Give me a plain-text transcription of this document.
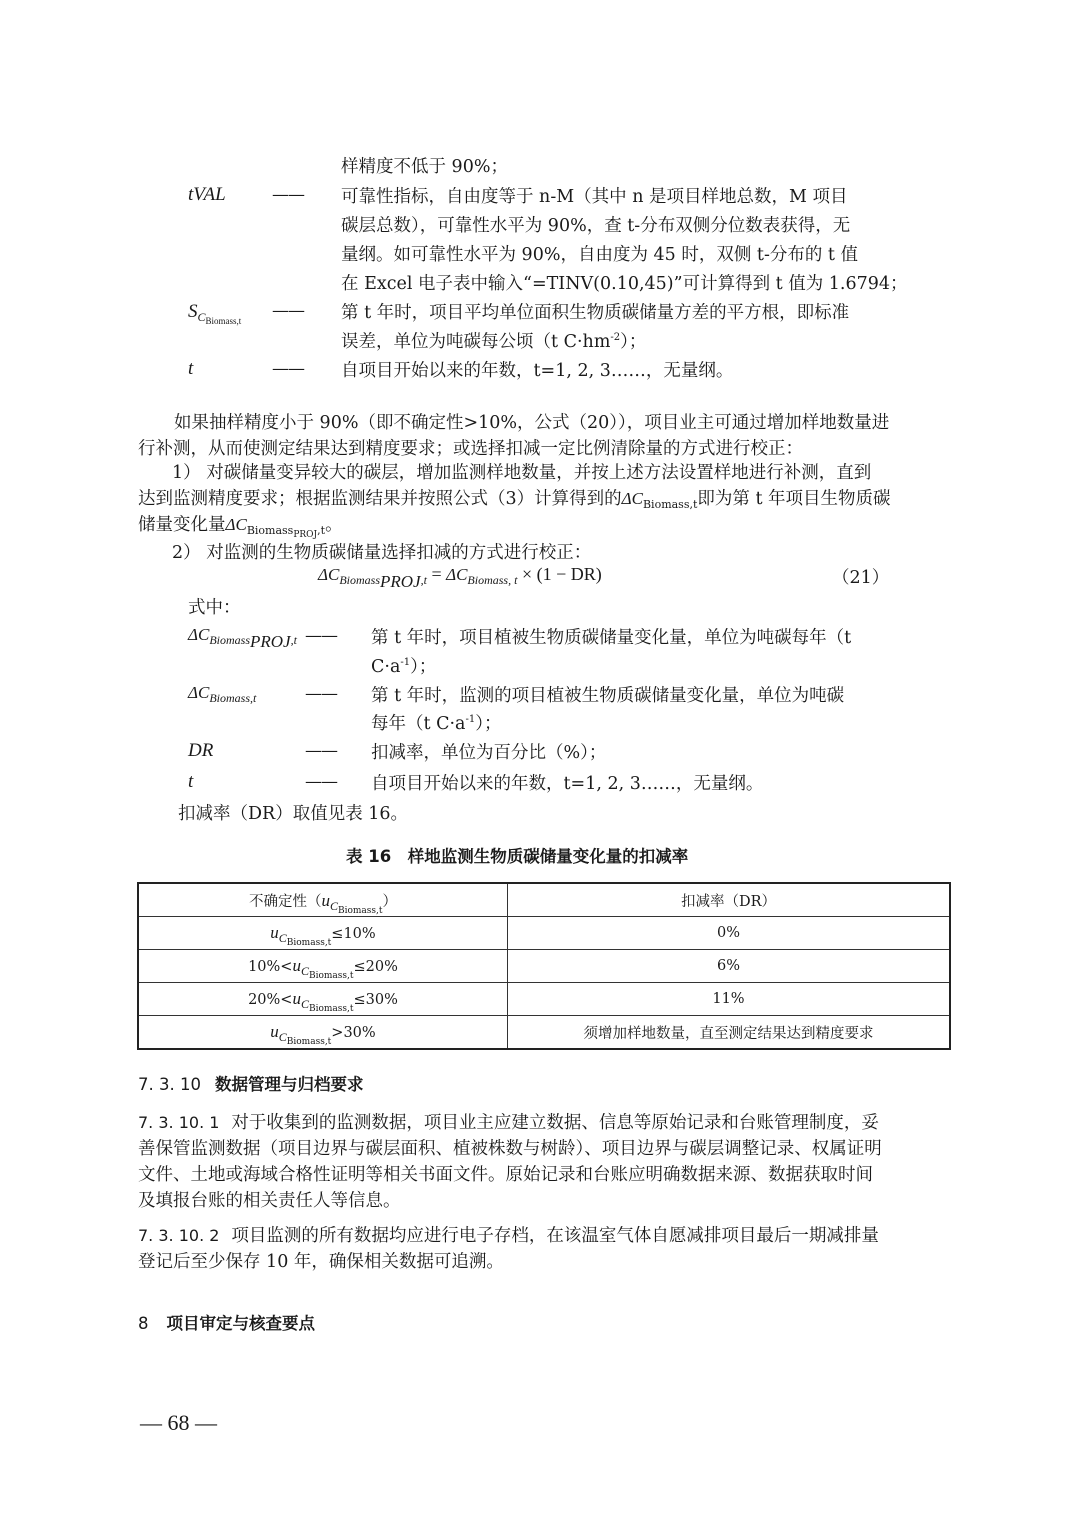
样精度不低于 90%；
tVAL	—— 可靠性指标，自由度等于 n-M（其中 n 是项目样地总数，M 项目
碳层总数），可靠性水平为 90%，查 t-分布双侧分位数表获得，无
量纲。如可靠性水平为 90%，自由度为 45 时，双侧 t-分布的 t 值
在 Excel 电子表中输入“=TINV(0.10,45)”可计算得到 t 值为 1.6794；
$S_{C_{Biomass,t}}$ —— 第 t 年时，项目平均单位面积生物质碳储量方差的平方根，即标准
误差，单位为吨碳每公顷（t $C\cdot hm^{-2}$）；
t	—— 自项目开始以来的年数，t=1, 2, 3……，无量纲。
如果抽样精度小于 90%（即不确定性>10%，公式（20）），项目业主可通过增加样地数量进
行补测，从而使测定结果达到精度要求；或选择扣减一定比例清除量的方式进行校正：
1） 对碳储量变异较大的碳层，增加监测样地数量，并按上述方法设置样地进行补测，直到
达到监测精度要求；根据监测结果并按照公式（3）计算得到的$\Delta C_{Biomass,t}$即为第 t 年项目生物质碳
储量变化量$\Delta C_{Biomass_{PROJ},t}$。
2） 对监测的生物质碳储量选择扣减的方式进行校正：
$\Delta C_{Biomass_{PROJ},t} = \Delta C_{Biomass, t} \times (1 - DR)$	（21）
式中：
$\Delta C_{Biomass_{PROJ},t}$ —— 第 t 年时，项目植被生物质碳储量变化量，单位为吨碳每年（t
$C\cdot a^{-1}$）；
$\Delta C_{Biomass,t}$	—— 第 t 年时，监测的项目植被生物质碳储量变化量，单位为吨碳
每年（t $C\cdot a^{-1}$）；
DR	—— 扣减率，单位为百分比（%）；
t	—— 自项目开始以来的年数，t=1, 2, 3……，无量纲。
扣减率（DR）取值见表 16。
表 16　样地监测生物质碳储量变化量的扣减率
不确定性$(u_{C_{Biomass,t}})$	扣减率（DR）
$u_{C_{Biomass,t}}\le 10\%$	0%
$10\%<u_{C_{Biomass,t}}\le 20\%$	6%
$20\%<u_{C_{Biomass,t}}\le 30\%$	11%
$u_{C_{Biomass,t}}>30\%$	须增加样地数量，直至测定结果达到精度要求
7. 3. 10 数据管理与归档要求
7. 3. 10. 1 对于收集到的监测数据，项目业主应建立数据、信息等原始记录和台账管理制度，妥
善保管监测数据（项目边界与碳层面积、植被株数与树龄）、项目边界与碳层调整记录、权属证明
文件、土地或海域合格性证明等相关书面文件。原始记录和台账应明确数据来源、数据获取时间
及填报台账的相关责任人等信息。
7. 3. 10. 2 项目监测的所有数据均应进行电子存档，在该温室气体自愿减排项目最后一期减排量
登记后至少保存 10 年，确保相关数据可追溯。
8 项目审定与核查要点
— 68 —
